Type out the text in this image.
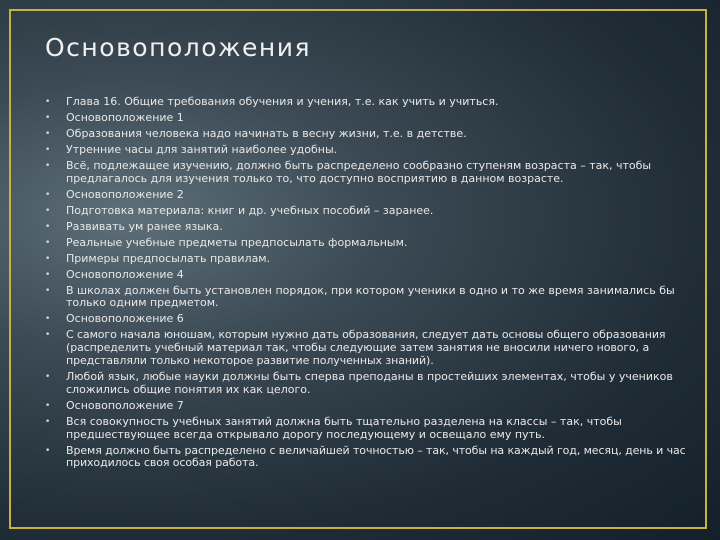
Основоположения
• Глава 16. Общие требования обучения и учения, т.е. как учить и учиться.
• Основоположение 1
• Образования человека надо начинать в весну жизни, т.е. в детстве.
• Утренние часы для занятий наиболее удобны.
• Всё, подлежащее изучению, должно быть распределено сообразно ступеням возраста – так, чтобы предлагалось для изучения только то, что доступно восприятию в данном возрасте.
• Основоположение 2
• Подготовка материала: книг и др. учебных пособий – заранее.
• Развивать ум ранее языка.
• Реальные учебные предметы предпосылать формальным.
• Примеры предпосылать правилам.
• Основоположение 4
• В школах должен быть установлен порядок, при котором ученики в одно и то же время занимались бы только одним предметом.
• Основоположение 6
• С самого начала юношам, которым нужно дать образования, следует дать основы общего образования (распределить учебный материал так, чтобы следующие затем занятия не вносили ничего нового, а представляли только некоторое развитие полученных знаний).
• Любой язык, любые науки должны быть сперва преподаны в простейших элементах, чтобы у учеников сложились общие понятия их как целого.
• Основоположение 7
• Вся совокупность учебных занятий должна быть тщательно разделена на классы – так, чтобы предшествующее всегда открывало дорогу последующему и освещало ему путь.
• Время должно быть распределено с величайшей точностью – так, чтобы на каждый год, месяц, день и час приходилось своя особая работа.
